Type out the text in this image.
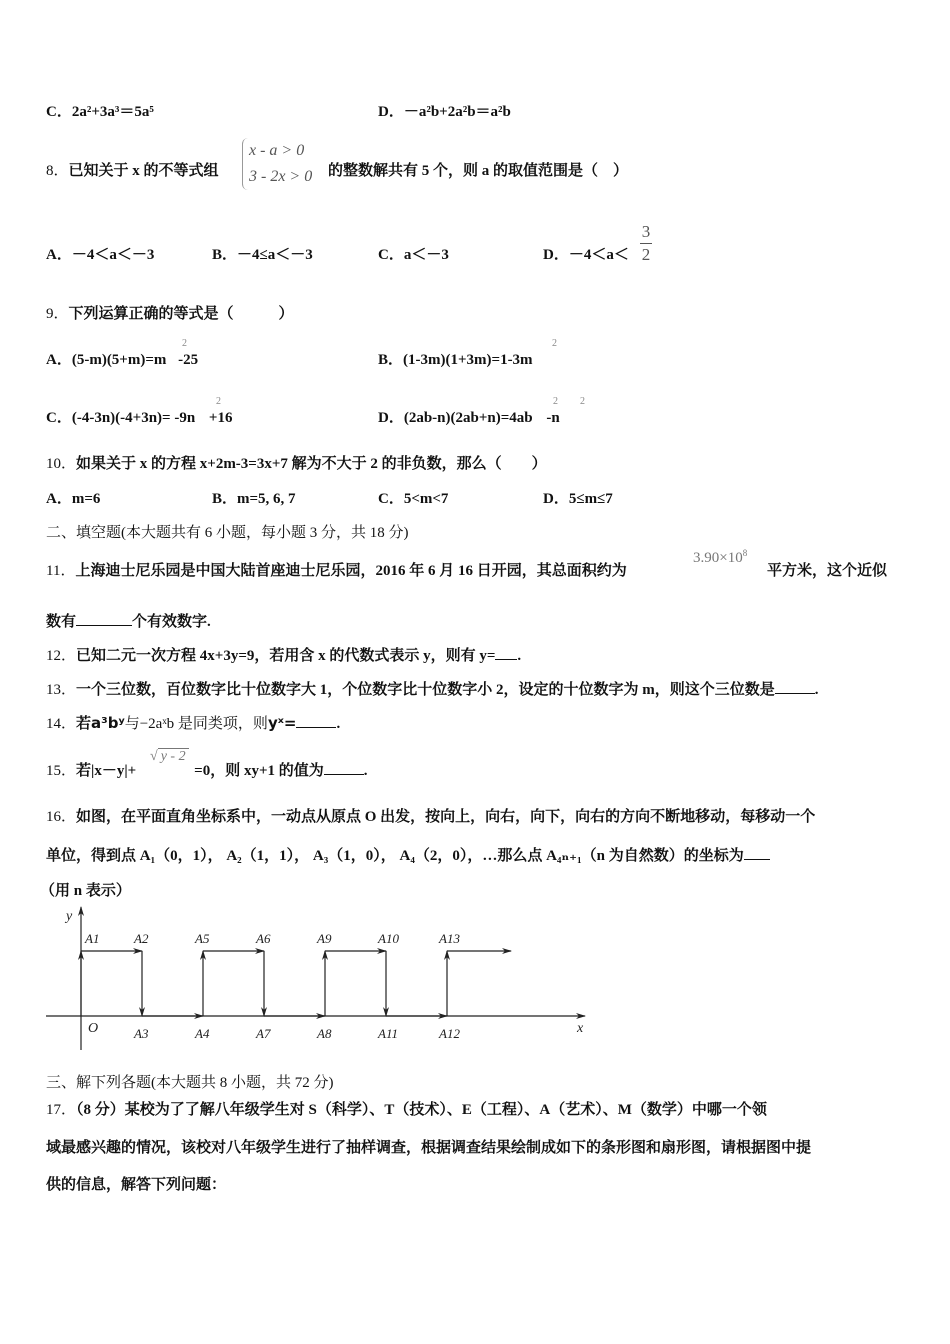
C．2a²+3a³＝5a⁵	D．－a²b+2a²b＝a²b
8．已知关于 x 的不等式组
x - a > 0
3 - 2x > 0 的整数解共有 5 个，则 a 的取值范围是（　）
A．－4＜a＜－3	B．－4≤a＜－3	C．a＜－3	D．－4＜a＜
3
2
9．下列运算正确的等式是（　　　）
A．(5-m)(5+m)=m -25
2
B．(1-3m)(1+3m)=1-3m
2
C．(-4-3n)(-4+3n)= -9n +16
2
D．(2ab-n)(2ab+n)=4ab -n
2 2
10．如果关于 x 的方程 x+2m-3=3x+7 解为不大于 2 的非负数，那么（　　）
A．m=6	B．m=5, 6, 7	C．5<m<7	D．5≤m≤7
二、填空题(本大题共有 6 小题，每小题 3 分，共 18 分)
11．上海迪士尼乐园是中国大陆首座迪士尼乐园，2016 年 6 月 16 日开园，其总面积约为
$3.90\times 10^8$
平方米，这个近似
数有	个有效数字.
12．已知二元一次方程 4x+3y=9，若用含 x 的代数式表示 y，则有 y= .
13．一个三位数，百位数字比十位数字大 1，个位数字比十位数字小 2，设定的十位数字为 m，则这个三位数是	.
14．若a³bʸ与−2aˣb 是同类项，则yˣ=	.
15．若|x－y|+	=0，则 xy+1 的值为	.
√ y - 2
16．如图，在平面直角坐标系中，一动点从原点 O 出发，按向上，向右，向下，向右的方向不断地移动，每移动一个
单位，得到点 A₁（0，1）， A₂（1，1）， A₃（1，0）， A₄（2，0），…那么点 A₄ₙ₊₁（n 为自然数）的坐标为
（用 n 表示）
x
y
O
A1	A2
A3	A4
A5	A6
A7	A8
A9	A10
A11	A12
A13
三、解下列各题(本大题共 8 小题，共 72 分)
17．（8 分）某校为了了解八年级学生对 S（科学）、T（技术）、E（工程）、A（艺术）、M（数学）中哪一个领
域最感兴趣的情况，该校对八年级学生进行了抽样调查，根据调查结果绘制成如下的条形图和扇形图，请根据图中提
供的信息，解答下列问题：
